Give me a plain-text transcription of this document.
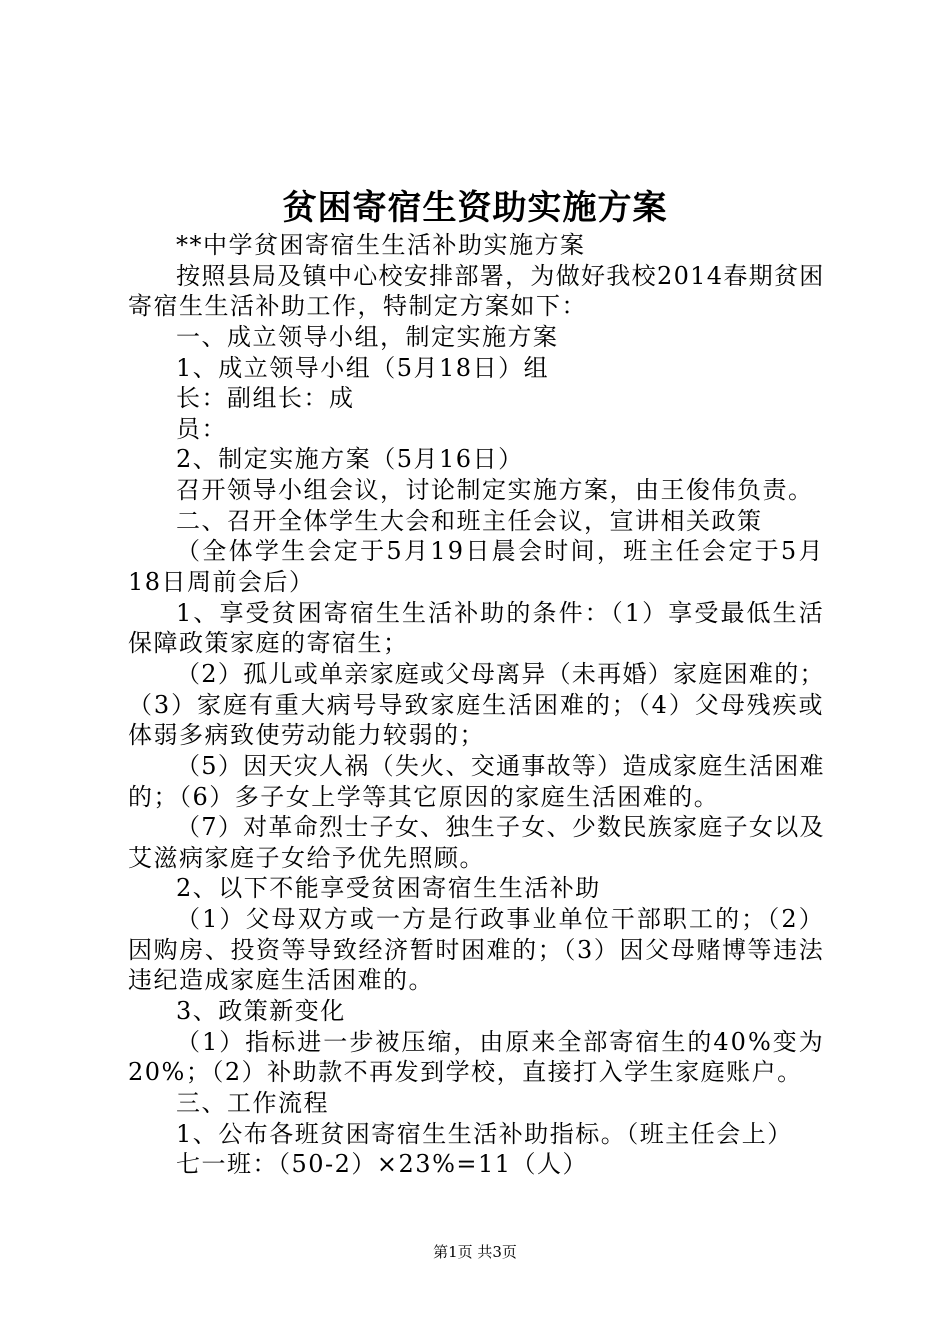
贫困寄宿生资助实施方案
**中学贫困寄宿生生活补助实施方案
按照县局及镇中心校安排部署，为做好我校2014春期贫困
寄宿生生活补助工作，特制定方案如下：
一、成立领导小组，制定实施方案
1、成立领导小组（5月18日）组
长：副组长：成
员：
2、制定实施方案（5月16日）
召开领导小组会议，讨论制定实施方案，由王俊伟负责。
二、召开全体学生大会和班主任会议，宣讲相关政策
（全体学生会定于5月19日晨会时间，班主任会定于5月
18日周前会后）
1、享受贫困寄宿生生活补助的条件：（1）享受最低生活
保障政策家庭的寄宿生；
（2）孤儿或单亲家庭或父母离异（未再婚）家庭困难的；
（3）家庭有重大病号导致家庭生活困难的；（4）父母残疾或
体弱多病致使劳动能力较弱的；
（5）因天灾人祸（失火、交通事故等）造成家庭生活困难
的；（6）多子女上学等其它原因的家庭生活困难的。
（7）对革命烈士子女、独生子女、少数民族家庭子女以及
艾滋病家庭子女给予优先照顾。
2、以下不能享受贫困寄宿生生活补助
（1）父母双方或一方是行政事业单位干部职工的；（2）
因购房、投资等导致经济暂时困难的；（3）因父母赌博等违法
违纪造成家庭生活困难的。
3、政策新变化
（1）指标进一步被压缩，由原来全部寄宿生的40%变为
20%；（2）补助款不再发到学校，直接打入学生家庭账户。
三、工作流程
1、公布各班贫困寄宿生生活补助指标。（班主任会上）
七一班：（50-2）×23%=11（人）
第1页 共3页
